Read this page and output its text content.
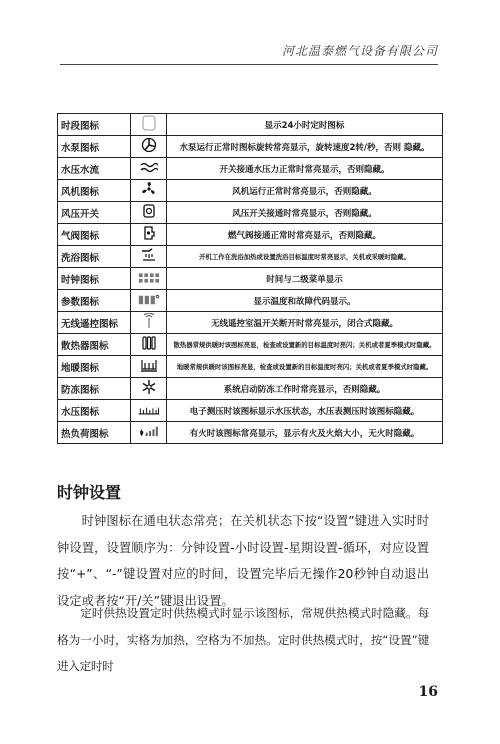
河北温泰燃气设备有限公司
时段图标		显示24小时定时图标
水泵图标		水泵运行正常时图标旋转常亮显示，旋转速度2转/秒，否则 隐藏。
水压水流		开关接通水压力正常时常亮显示，否则隐藏。
风机图标		风机运行正常时常亮显示，否则隐藏。
风压开关		风压开关接通时常亮显示，否则隐藏。
气阀图标		燃气阀接通正常时常亮显示，否则隐藏。
洗浴图标		开机工作在洗浴加热或设置洗浴目标温度时常亮显示，关机或采暖时隐藏。
时钟图标		时间与二级菜单显示
参数图标		显示温度和故障代码显示。
无线遥控图标		无线遥控室温开关断开时常亮显示，闭合式隐藏。
散热器图标		散热器常规供暖时该图标亮显，检查或设置新的目标温度时亮闪；关机或者夏季模式时隐藏。
地暖图标		地暖常规供暖时该图标亮显，检查或设置新的目标温度时亮闪；关机或者夏季模式时隐藏。
防冻图标		系统启动防冻工作时常亮显示，否则隐藏。
水压图标		电子测压时该图标显示水压状态，水压表测压时该图标隐藏。
热负荷图标		有火时该图标常亮显示，显示有火及火焰大小，无火时隐藏。
时钟设置
时钟图标在通电状态常亮；在关机状态下按“设置”键进入实时时钟设置，设置顺序为：分钟设置-小时设置-星期设置-循环，对应设置按“+”、“-”键设置对应的时间，设置完毕后无操作20秒钟自动退出设定或者按“开/关”键退出设置。
定时供热设置定时供热模式时显示该图标，常规供热模式时隐藏。每格为一小时，实格为加热，空格为不加热。定时供热模式时，按“设置”键进入定时时
16
